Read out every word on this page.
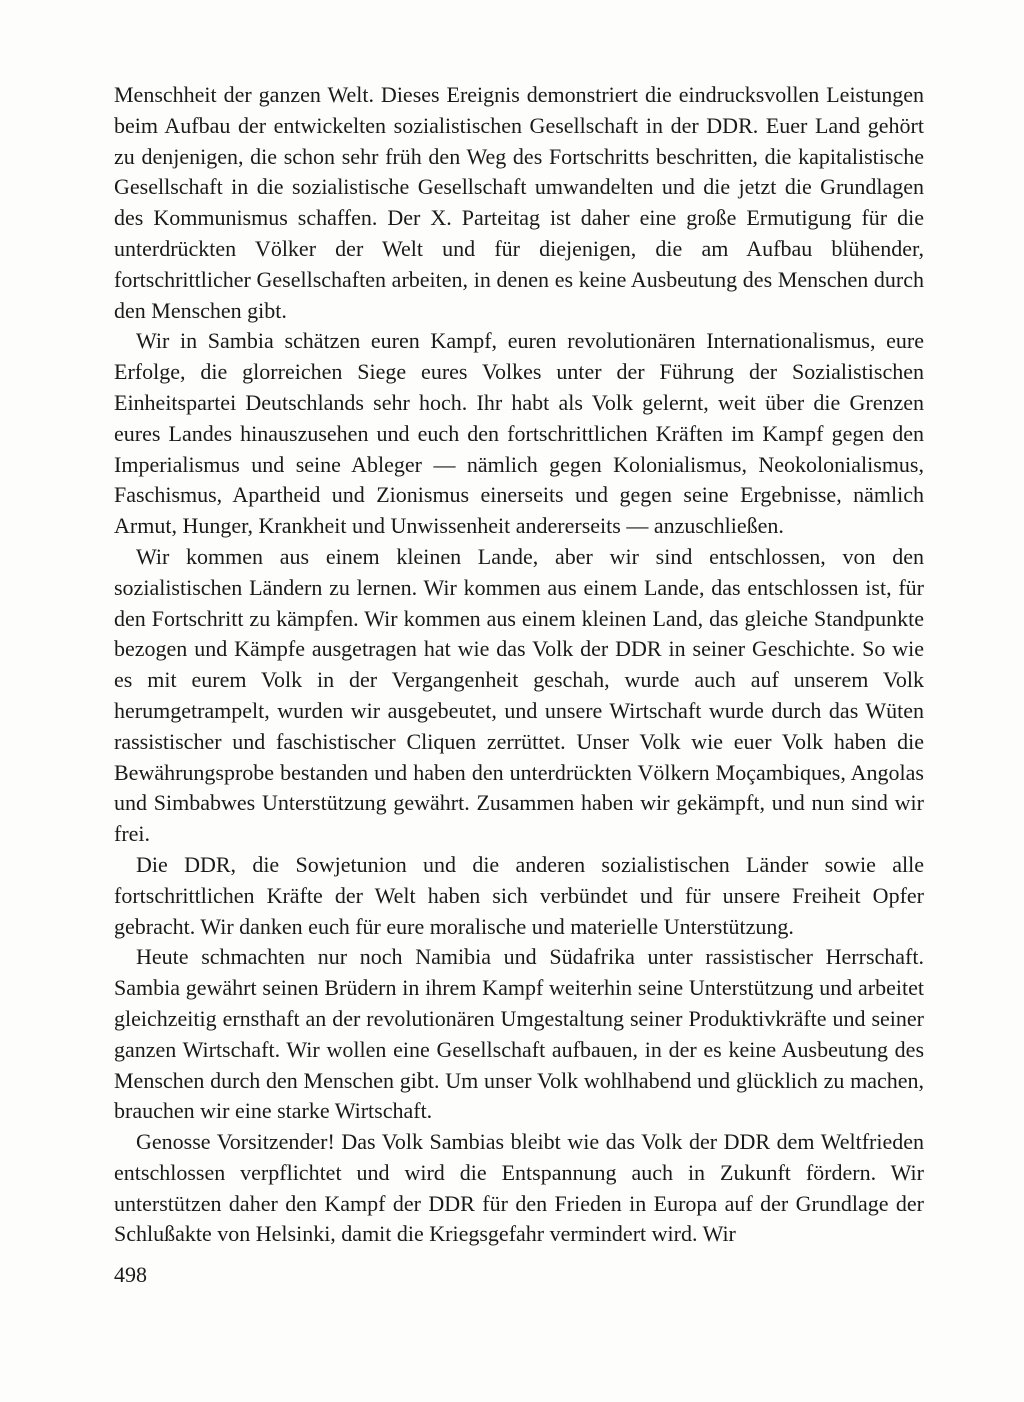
Menschheit der ganzen Welt. Dieses Ereignis demonstriert die eindrucksvollen Leistungen beim Aufbau der entwickelten sozialistischen Gesellschaft in der DDR. Euer Land gehört zu denjenigen, die schon sehr früh den Weg des Fortschritts beschritten, die kapitalistische Gesellschaft in die sozialistische Gesellschaft umwandelten und die jetzt die Grundlagen des Kommunismus schaffen. Der X. Parteitag ist daher eine große Ermutigung für die unterdrückten Völker der Welt und für diejenigen, die am Aufbau blühender, fortschrittlicher Gesellschaften arbeiten, in denen es keine Ausbeutung des Menschen durch den Menschen gibt.

Wir in Sambia schätzen euren Kampf, euren revolutionären Internationalismus, eure Erfolge, die glorreichen Siege eures Volkes unter der Führung der Sozialistischen Einheitspartei Deutschlands sehr hoch. Ihr habt als Volk gelernt, weit über die Grenzen eures Landes hinauszusehen und euch den fortschrittlichen Kräften im Kampf gegen den Imperialismus und seine Ableger — nämlich gegen Kolonialismus, Neokolonialismus, Faschismus, Apartheid und Zionismus einerseits und gegen seine Ergebnisse, nämlich Armut, Hunger, Krankheit und Unwissenheit andererseits — anzuschließen.

Wir kommen aus einem kleinen Lande, aber wir sind entschlossen, von den sozialistischen Ländern zu lernen. Wir kommen aus einem Lande, das entschlossen ist, für den Fortschritt zu kämpfen. Wir kommen aus einem kleinen Land, das gleiche Standpunkte bezogen und Kämpfe ausgetragen hat wie das Volk der DDR in seiner Geschichte. So wie es mit eurem Volk in der Vergangenheit geschah, wurde auch auf unserem Volk herumgetrampelt, wurden wir ausgebeutet, und unsere Wirtschaft wurde durch das Wüten rassistischer und faschistischer Cliquen zerrüttet. Unser Volk wie euer Volk haben die Bewährungsprobe bestanden und haben den unterdrückten Völkern Moçambiques, Angolas und Simbabwes Unterstützung gewährt. Zusammen haben wir gekämpft, und nun sind wir frei.

Die DDR, die Sowjetunion und die anderen sozialistischen Länder sowie alle fortschrittlichen Kräfte der Welt haben sich verbündet und für unsere Freiheit Opfer gebracht. Wir danken euch für eure moralische und materielle Unterstützung.

Heute schmachten nur noch Namibia und Südafrika unter rassistischer Herrschaft. Sambia gewährt seinen Brüdern in ihrem Kampf weiterhin seine Unterstützung und arbeitet gleichzeitig ernsthaft an der revolutionären Umgestaltung seiner Produktivkräfte und seiner ganzen Wirtschaft. Wir wollen eine Gesellschaft aufbauen, in der es keine Ausbeutung des Menschen durch den Menschen gibt. Um unser Volk wohlhabend und glücklich zu machen, brauchen wir eine starke Wirtschaft.

Genosse Vorsitzender! Das Volk Sambias bleibt wie das Volk der DDR dem Weltfrieden entschlossen verpflichtet und wird die Entspannung auch in Zukunft fördern. Wir unterstützen daher den Kampf der DDR für den Frieden in Europa auf der Grundlage der Schlußakte von Helsinki, damit die Kriegsgefahr vermindert wird. Wir

498
